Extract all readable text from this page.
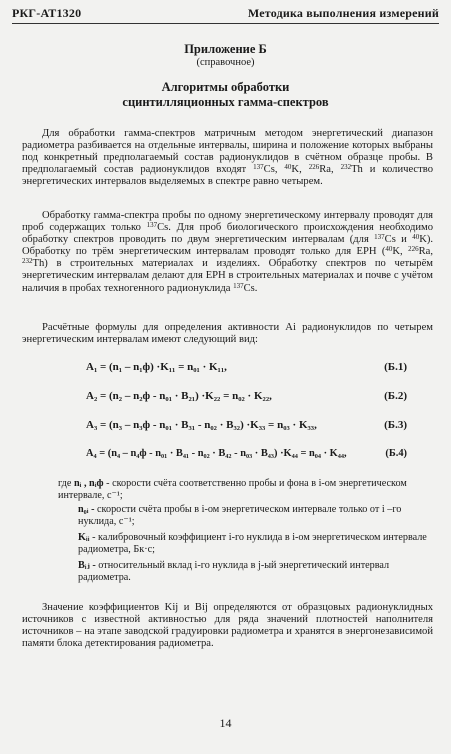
РКГ-АТ1320	Методика выполнения измерений
Приложение Б
(справочное)
Алгоритмы обработки
сцинтилляционных гамма-спектров
Для обработки гамма-спектров матричным методом энергетический диапазон радиометра разбивается на отдельные интервалы, ширина и положение которых выбраны под конкретный предполагаемый состав радионуклидов в счётном образце пробы. В предполагаемый состав радионуклидов входят $^{137}$Cs, $^{40}$K, $^{226}$Ra, $^{232}$Th и количество энергетических интервалов выделяемых в спектре равно четырем.
Обработку гамма-спектра пробы по одному энергетическому интервалу проводят для проб содержащих только $^{137}$Cs. Для проб биологического происхождения необходимо обработку спектров проводить по двум энергетическим интервалам (для $^{137}$Cs и $^{40}$K). Обработку по трём энергетическим интервалам проводят только для ЕРН ($^{40}$K, $^{226}$Ra, $^{232}$Th) в строительных материалах и изделиях. Обработку спектров по четырём энергетическим интервалам делают для ЕРН в строительных материалах и почве с учётом наличия в пробах техногенного радионуклида $^{137}$Cs.
Расчётные формулы для определения активности Ai радионуклидов по четырем энергетическим интервалам имеют следующий вид:
A₁ = (n₁ – n₁ф) ·K₁₁ = n₀₁ · K₁₁,	(Б.1)
A₂ = (n₂ – n₂ф - n₀₁ · B₂₁) ·K₂₂ = n₀₂ · K₂₂,	(Б.2)
A₃ = (n₃ – n₃ф - n₀₁ · B₃₁ - n₀₂ · B₃₂) ·K₃₃ = n₀₃ · K₃₃,	(Б.3)
A₄ = (n₄ – n₄ф - n₀₁ · B₄₁ - n₀₂ · B₄₂ - n₀₃ · B₄₃) ·K₄₄ = n₀₄ · K₄₄,	(Б.4)
где nᵢ , nᵢф - скорости счёта соответственно пробы и фона в i-ом энергетическом интервале, с⁻¹;
n₀ᵢ - скорости счёта пробы в i-ом энергетическом интервале только от i –го нуклида, с⁻¹;
Kᵢᵢ - калибровочный коэффициент i-го нуклида в i-ом энергетическом интервале радиометра, Бк·с;
Bᵢⱼ - относительный вклад i-го нуклида в j-ый энергетический интервал радиометра.
Значение коэффициентов Kij и Bij определяются от образцовых радионуклидных источников с известной активностью для ряда значений плотностей наполнителя источников – на этапе заводской градуировки радиометра и хранятся в энергонезависимой памяти блока детектирования радиометра.
14
